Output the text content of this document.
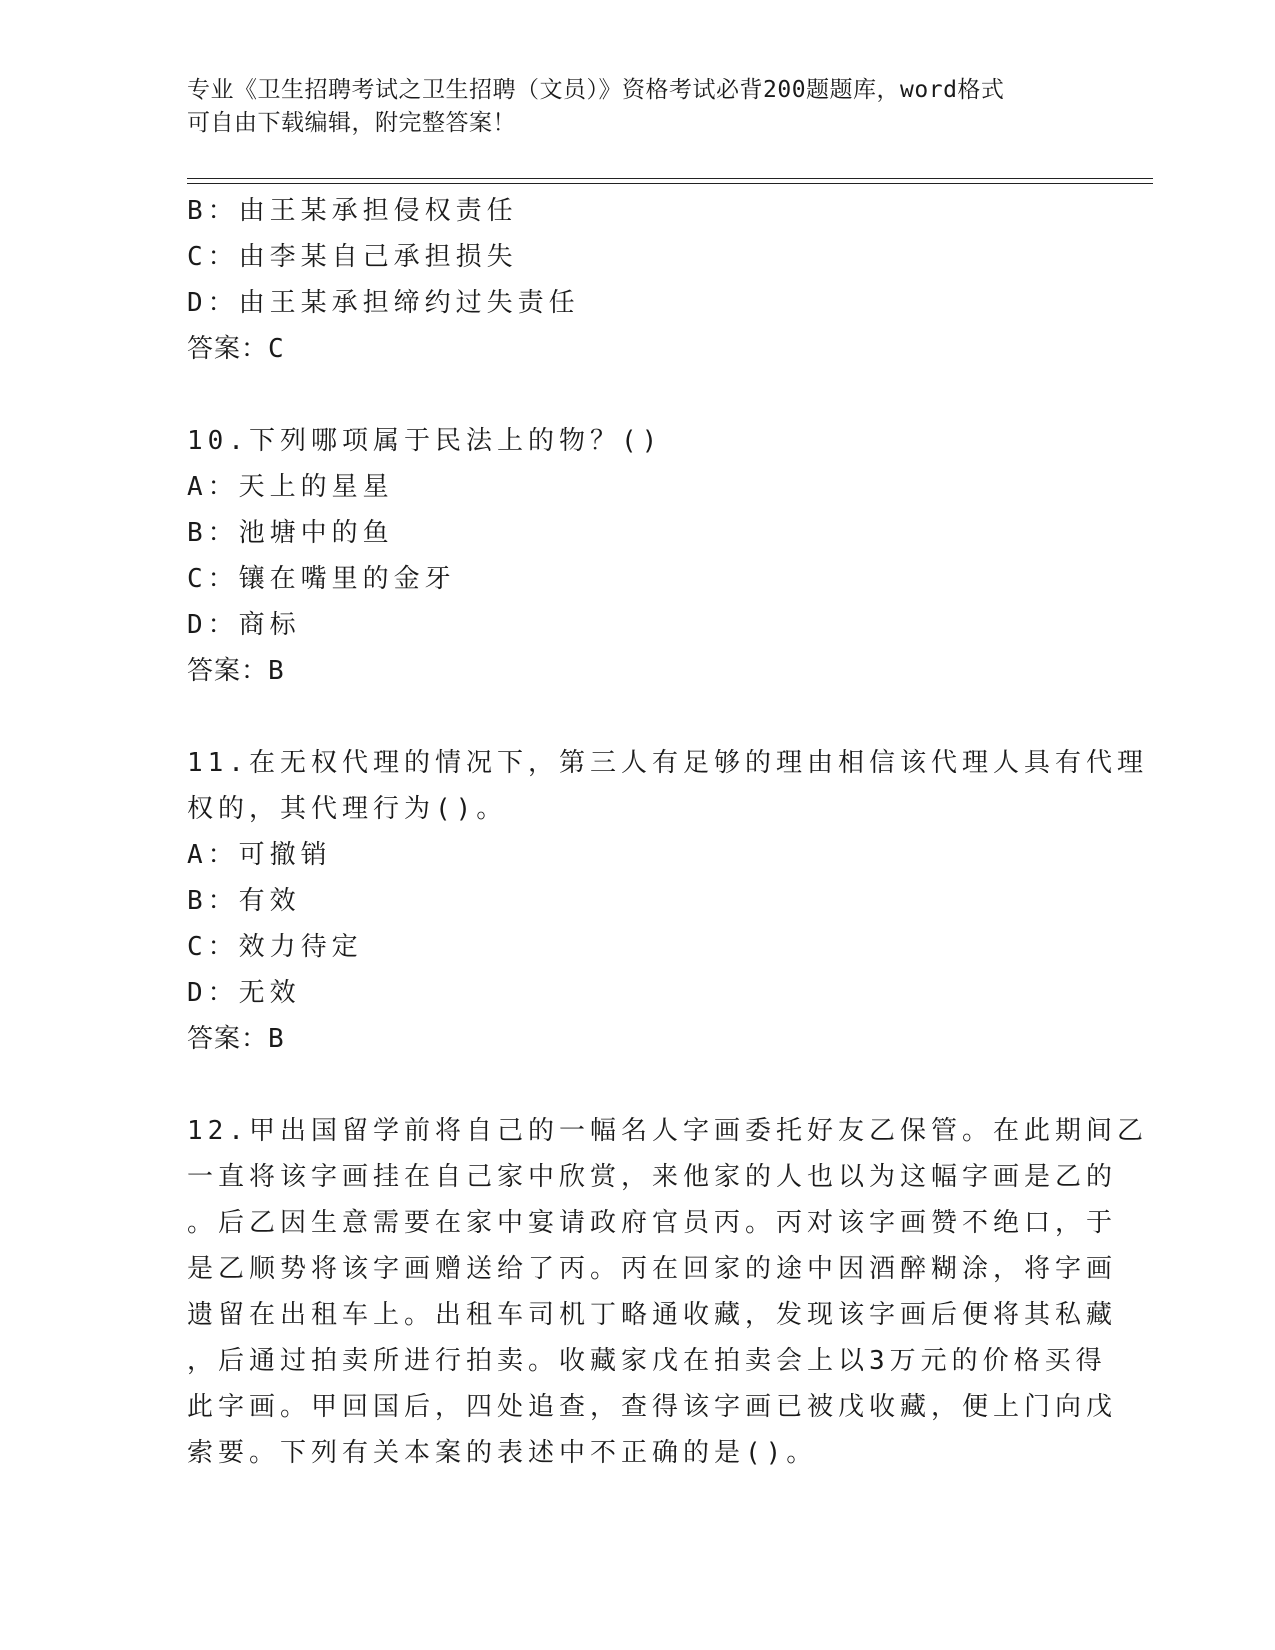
专业《卫生招聘考试之卫生招聘（文员）》资格考试必背200题题库，word格式
可自由下载编辑，附完整答案！
B：由王某承担侵权责任
C：由李某自己承担损失
D：由王某承担缔约过失责任
答案：C
10.下列哪项属于民法上的物？()
A：天上的星星
B：池塘中的鱼
C：镶在嘴里的金牙
D：商标
答案：B
11.在无权代理的情况下，第三人有足够的理由相信该代理人具有代理
权的，其代理行为()。
A：可撤销
B：有效
C：效力待定
D：无效
答案：B
12.甲出国留学前将自己的一幅名人字画委托好友乙保管。在此期间乙
一直将该字画挂在自己家中欣赏，来他家的人也以为这幅字画是乙的
。后乙因生意需要在家中宴请政府官员丙。丙对该字画赞不绝口，于
是乙顺势将该字画赠送给了丙。丙在回家的途中因酒醉糊涂，将字画
遗留在出租车上。出租车司机丁略通收藏，发现该字画后便将其私藏
，后通过拍卖所进行拍卖。收藏家戊在拍卖会上以3万元的价格买得
此字画。甲回国后，四处追查，查得该字画已被戊收藏，便上门向戊
索要。下列有关本案的表述中不正确的是()。
